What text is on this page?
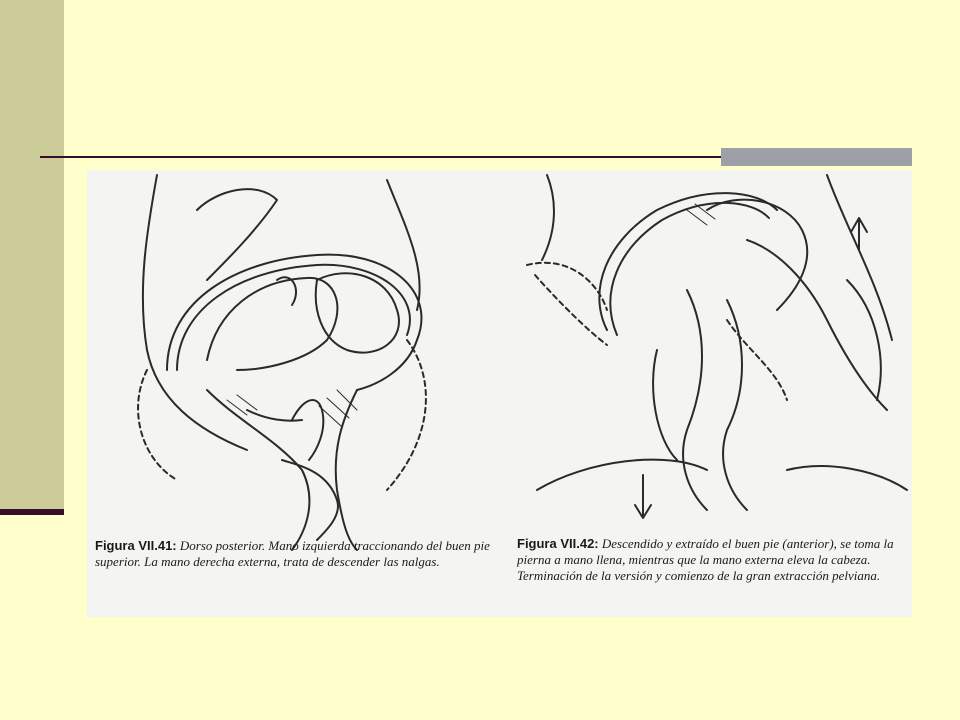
Figura VII.41: Dorso posterior. Mano izquierda traccionando del buen pie superior. La mano derecha externa, trata de descender las nalgas.

Figura VII.42: Descendido y extraído el buen pie (anterior), se toma la pierna a mano llena, mientras que la mano externa eleva la cabeza. Terminación de la versión y comienzo de la gran extracción pelviana.
